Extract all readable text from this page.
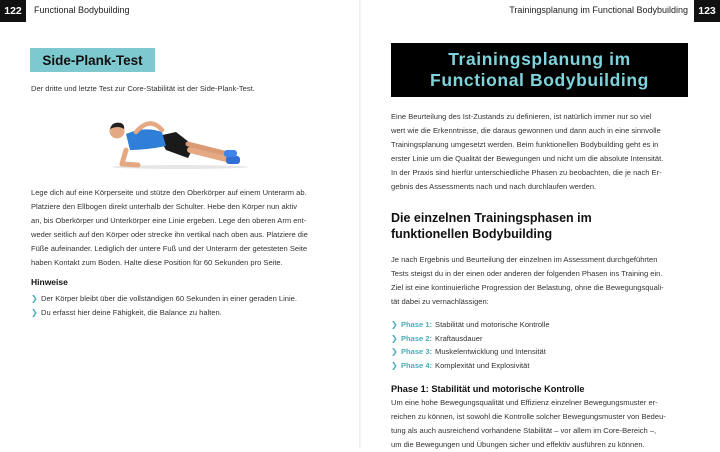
122	Functional Bodybuilding
Side-Plank-Test

Der dritte und letzte Test zur Core-Stabilität ist der Side-Plank-Test.

Lege dich auf eine Körperseite und stütze den Oberkörper auf einem Unterarm ab.
Platziere den Ellbogen direkt unterhalb der Schulter. Hebe den Körper nun aktiv
an, bis Oberkörper und Unterkörper eine Linie ergeben. Lege den oberen Arm ent-
weder seitlich auf den Körper oder strecke ihn vertikal nach oben aus. Platziere die
Füße aufeinander. Lediglich der untere Fuß und der Unterarm der getesteten Seite
haben Kontakt zum Boden. Halte diese Position für 60 Sekunden pro Seite.

Hinweise
❯ Der Körper bleibt über die vollständigen 60 Sekunden in einer geraden Linie.
❯ Du erfasst hier deine Fähigkeit, die Balance zu halten.
Trainingsplanung im Functional Bodybuilding 123
Trainingsplanung im
Functional Bodybuilding

Eine Beurteilung des Ist-Zustands zu definieren, ist natürlich immer nur so viel
wert wie die Erkenntnisse, die daraus gewonnen und dann auch in eine sinnvolle
Trainingsplanung umgesetzt werden. Beim funktionellen Bodybuilding geht es in
erster Linie um die Qualität der Bewegungen und nicht um die absolute Intensität.
In der Praxis sind hierfür unterschiedliche Phasen zu beobachten, die je nach Er-
gebnis des Assessments nach und nach durchlaufen werden.

Die einzelnen Trainingsphasen im
funktionellen Bodybuilding

Je nach Ergebnis und Beurteilung der einzelnen im Assessment durchgeführten
Tests steigst du in der einen oder anderen der folgenden Phasen ins Training ein.
Ziel ist eine kontinuierliche Progression der Belastung, ohne die Bewegungsquali-
tät dabei zu vernachlässigen:

❯ Phase 1: Stabilität und motorische Kontrolle
❯ Phase 2: Kraftausdauer
❯ Phase 3: Muskelentwicklung und Intensität
❯ Phase 4: Komplexität und Explosivität
Phase 1: Stabilität und motorische Kontrolle

Um eine hohe Bewegungsqualität und Effizienz einzelner Bewegungsmuster er-
reichen zu können, ist sowohl die Kontrolle solcher Bewegungsmuster von Bedeu-
tung als auch ausreichend vorhandene Stabilität – vor allem im Core-Bereich –,
um die Bewegungen und Übungen sicher und effektiv ausführen zu können.
